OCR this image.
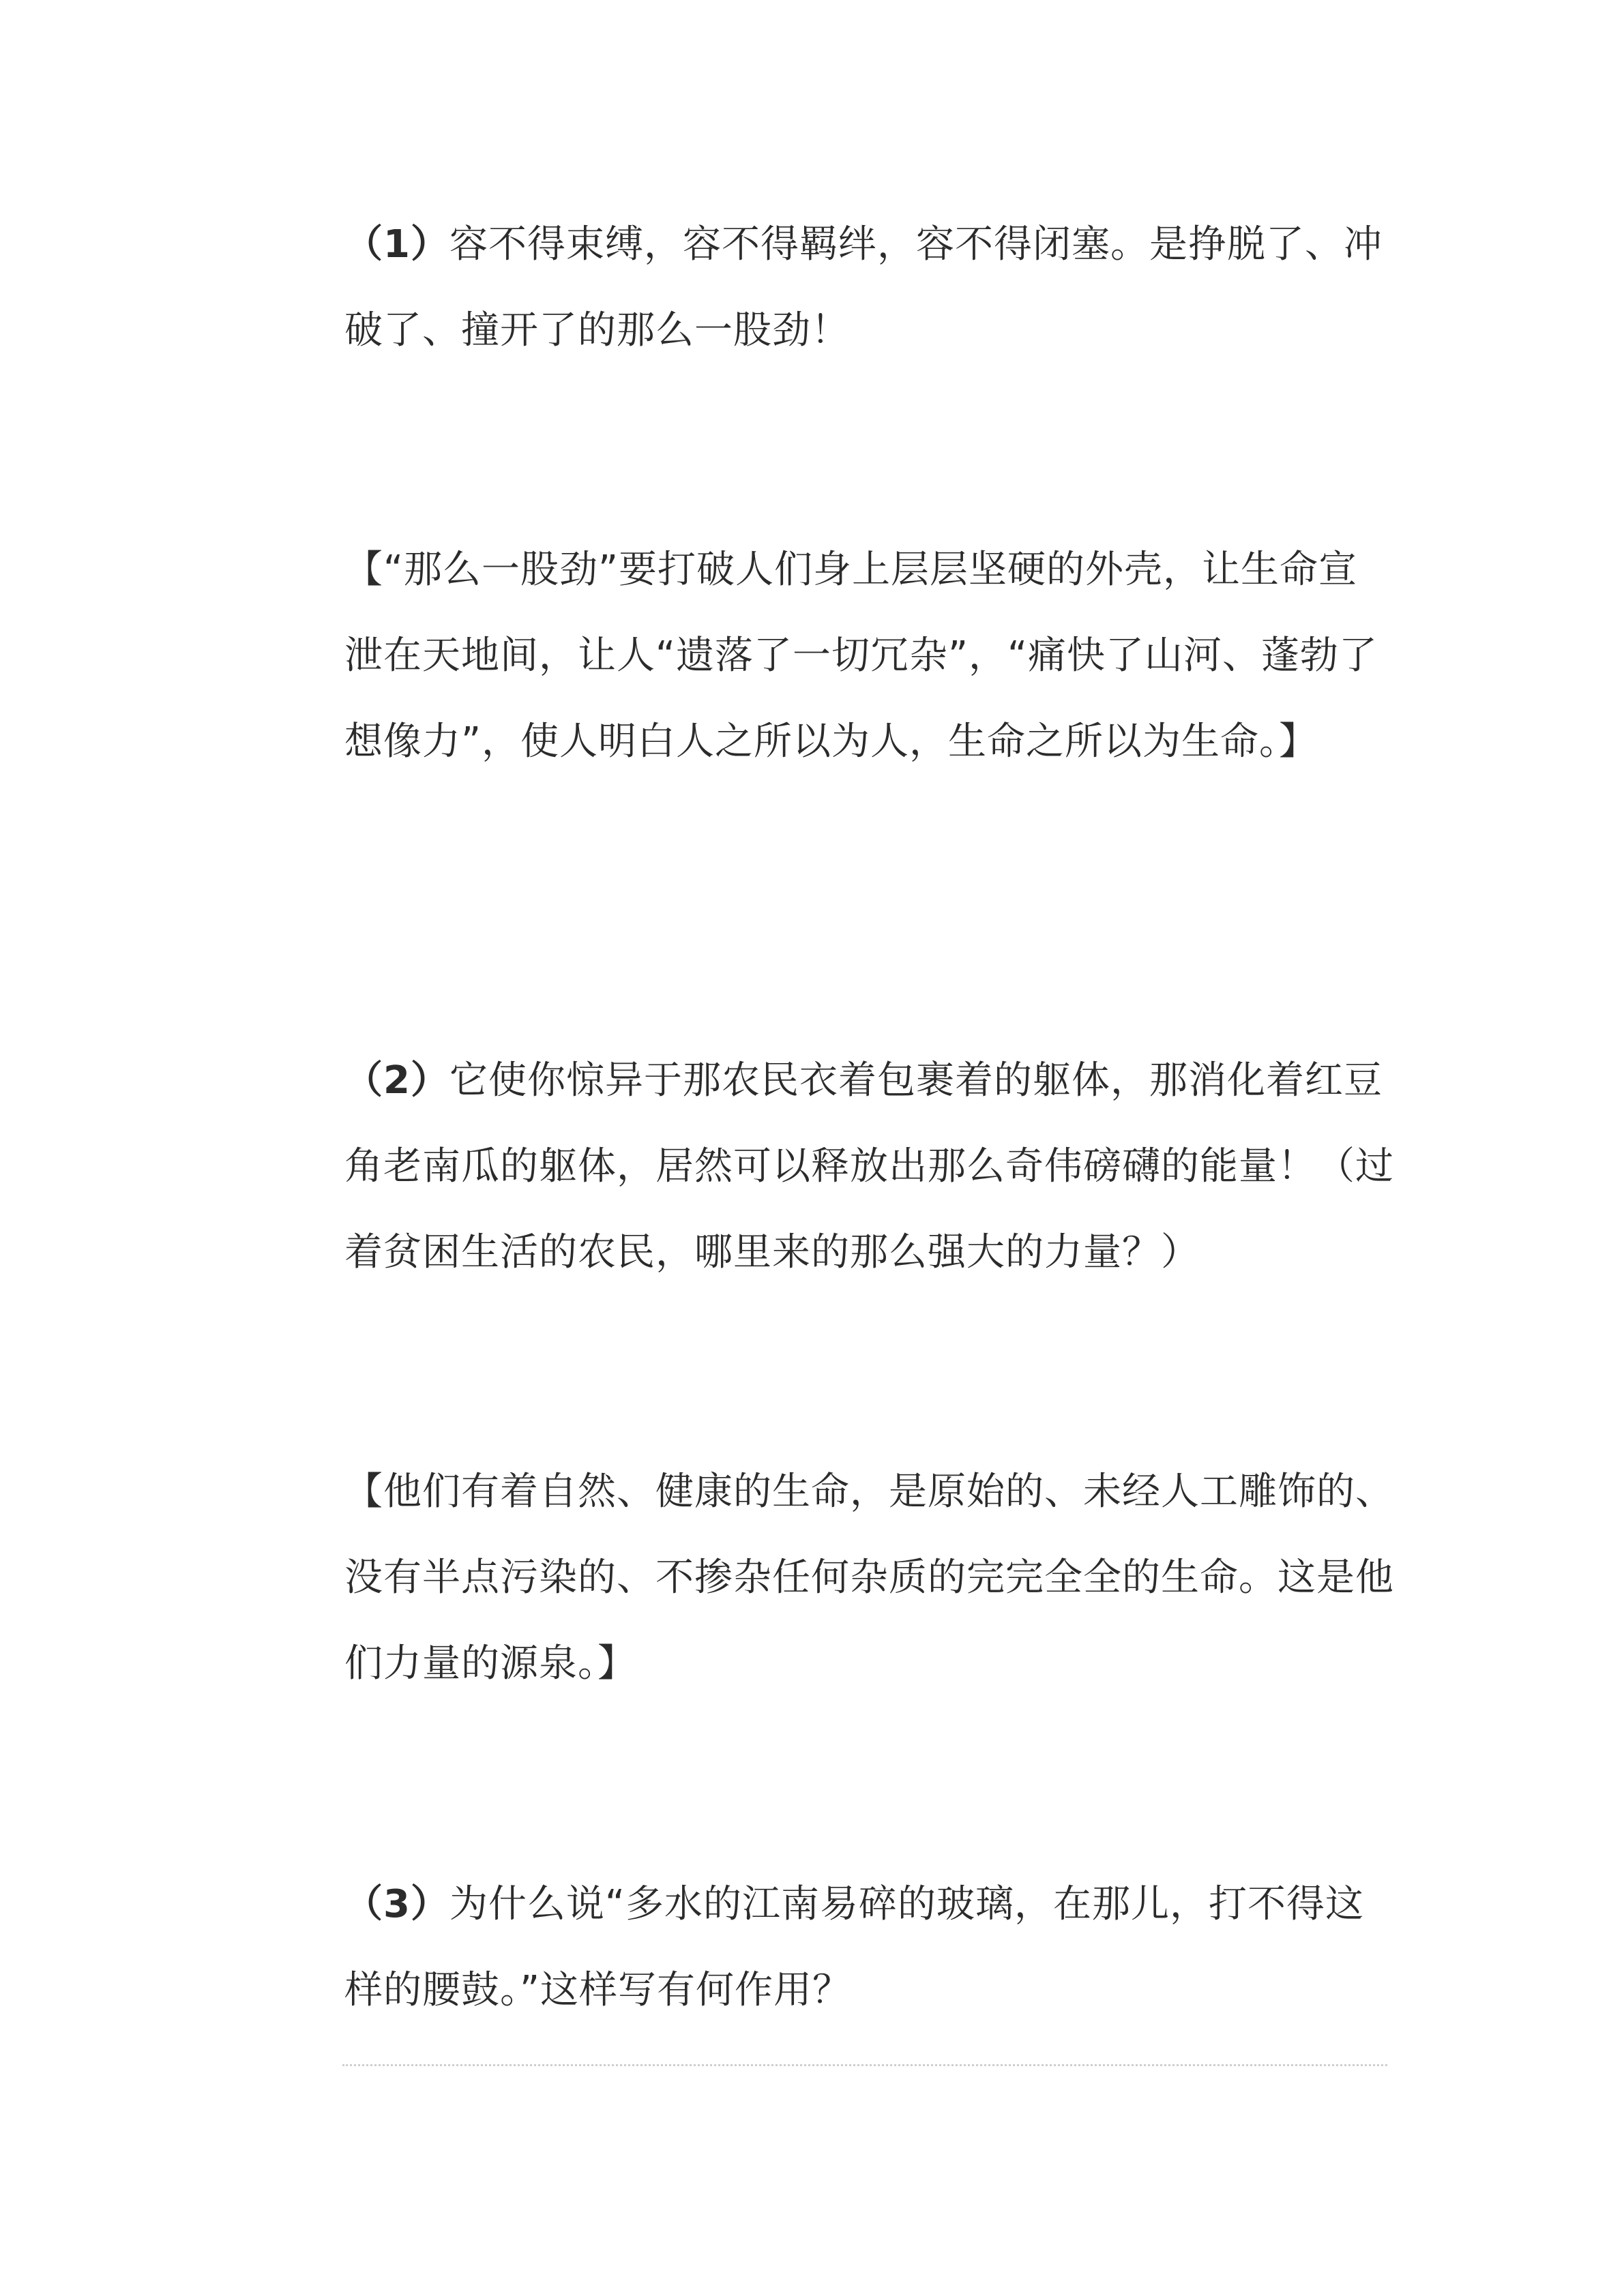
（1）容不得束缚，容不得羁绊，容不得闭塞。是挣脱了、冲破了、撞开了的那么一股劲！

【“那么一股劲”要打破人们身上层层坚硬的外壳，让生命宣泄在天地间，让人“遗落了一切冗杂”，“痛快了山河、蓬勃了想像力”，使人明白人之所以为人，生命之所以为生命。】

（2）它使你惊异于那农民衣着包裹着的躯体，那消化着红豆角老南瓜的躯体，居然可以释放出那么奇伟磅礴的能量！（过着贫困生活的农民，哪里来的那么强大的力量？）

【他们有着自然、健康的生命，是原始的、未经人工雕饰的、没有半点污染的、不掺杂任何杂质的完完全全的生命。这是他们力量的源泉。】

（3）为什么说“多水的江南易碎的玻璃，在那儿，打不得这样的腰鼓。”这样写有何作用？
